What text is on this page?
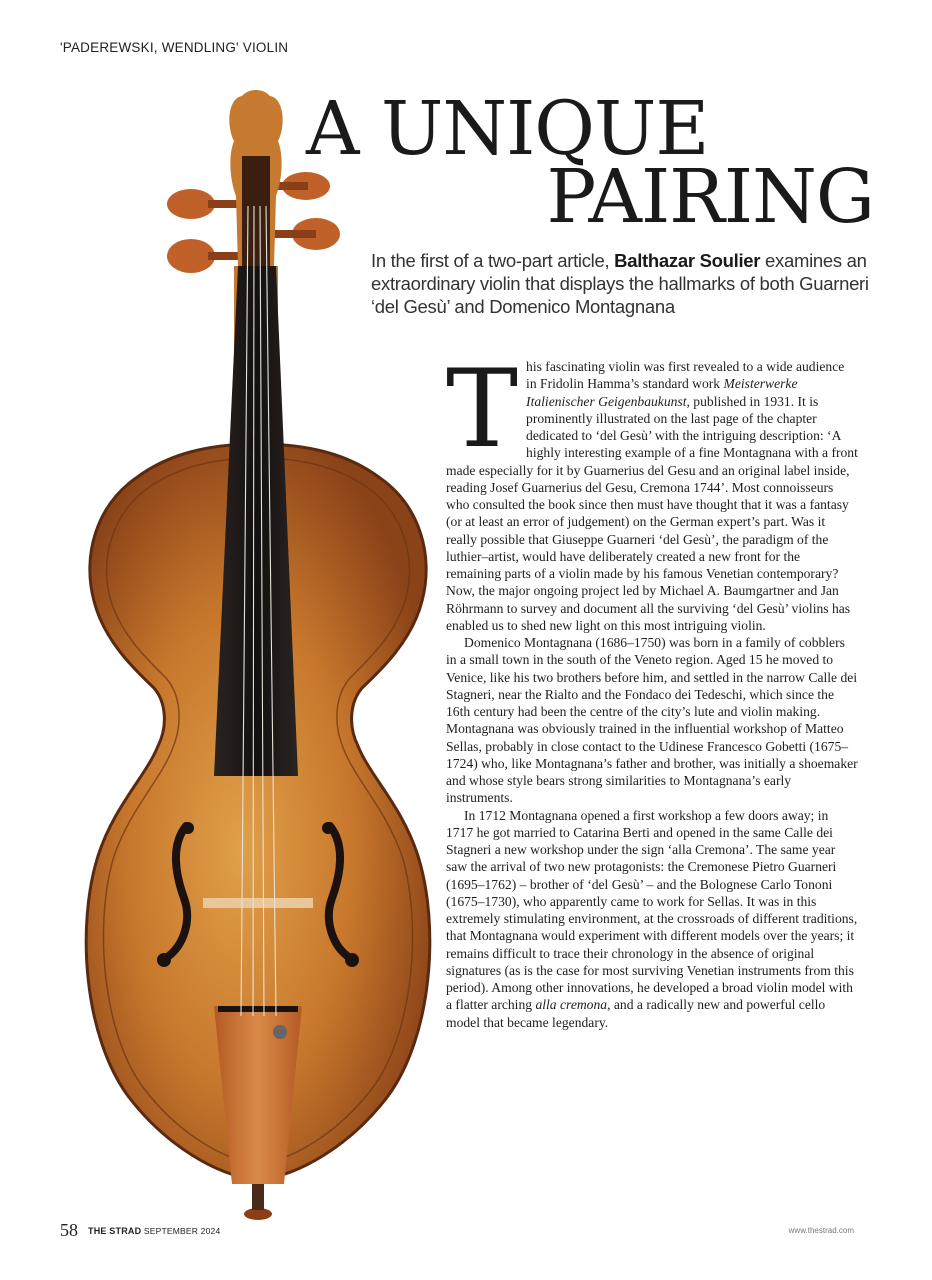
'PADEREWSKI, WENDLING' VIOLIN
A UNIQUE
PAIRING
In the first of a two-part article, Balthazar Soulier examines an extraordinary violin that displays the hallmarks of both Guarneri ‘del Gesù’ and Domenico Montagnana

This fascinating violin was first revealed to a wide audience in Fridolin Hamma’s standard work Meisterwerke Italienischer Geigenbaukunst, published in 1931. It is prominently illustrated on the last page of the chapter dedicated to ‘del Gesù’ with the intriguing description: ‘A highly interesting example of a fine Montagnana with a front made especially for it by Guarnerius del Gesu and an original label inside, reading Josef Guarnerius del Gesu, Cremona 1744’. Most connoisseurs who consulted the book since then must have thought that it was a fantasy (or at least an error of judgement) on the German expert’s part. Was it really possible that Giuseppe Guarneri ‘del Gesù’, the paradigm of the luthier–artist, would have deliberately created a new front for the remaining parts of a violin made by his famous Venetian contemporary? Now, the major ongoing project led by Michael A. Baumgartner and Jan Röhrmann to survey and document all the surviving ‘del Gesù’ violins has enabled us to shed new light on this most intriguing violin.

Domenico Montagnana (1686–1750) was born in a family of cobblers in a small town in the south of the Veneto region. Aged 15 he moved to Venice, like his two brothers before him, and settled in the narrow Calle dei Stagneri, near the Rialto and the Fondaco dei Tedeschi, which since the 16th century had been the centre of the city’s lute and violin making. Montagnana was obviously trained in the influential workshop of Matteo Sellas, probably in close contact to the Udinese Francesco Gobetti (1675–1724) who, like Montagnana’s father and brother, was initially a shoemaker and whose style bears strong similarities to Montagnana’s early instruments.

In 1712 Montagnana opened a first workshop a few doors away; in 1717 he got married to Catarina Berti and opened in the same Calle dei Stagneri a new workshop under the sign ‘alla Cremona’. The same year saw the arrival of two new protagonists: the Cremonese Pietro Guarneri (1695–1762) – brother of ‘del Gesù’ – and the Bolognese Carlo Tononi (1675–1730), who apparently came to work for Sellas. It was in this extremely stimulating environment, at the crossroads of different traditions, that Montagnana would experiment with different models over the years; it remains difficult to trace their chronology in the absence of original signatures (as is the case for most surviving Venetian instruments from this period). Among other innovations, he developed a broad violin model with a flatter arching alla cremona, and a radically new and powerful cello model that became legendary.

58 THE STRAD SEPTEMBER 2024	www.thestrad.com
